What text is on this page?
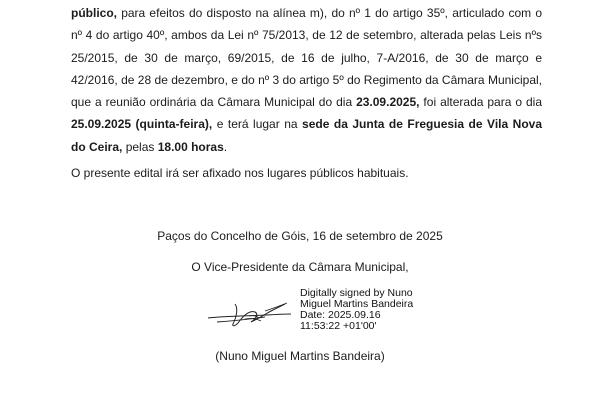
público, para efeitos do disposto na alínea m), do nº 1 do artigo 35º, articulado com o nº 4 do artigo 40º, ambos da Lei nº 75/2013, de 12 de setembro, alterada pelas Leis nºs 25/2015, de 30 de março, 69/2015, de 16 de julho, 7-A/2016, de 30 de março e 42/2016, de 28 de dezembro, e do nº 3 do artigo 5º do Regimento da Câmara Municipal, que a reunião ordinária da Câmara Municipal do dia 23.09.2025, foi alterada para o dia 25.09.2025 (quinta-feira), e terá lugar na sede da Junta de Freguesia de Vila Nova do Ceira, pelas 18.00 horas.

O presente edital irá ser afixado nos lugares públicos habituais.

Paços do Concelho de Góis, 16 de setembro de 2025

O Vice-Presidente da Câmara Municipal,

Digitally signed by Nuno
Miguel Martins Bandeira
Date: 2025.09.16
11:53:22 +01'00'

(Nuno Miguel Martins Bandeira)
